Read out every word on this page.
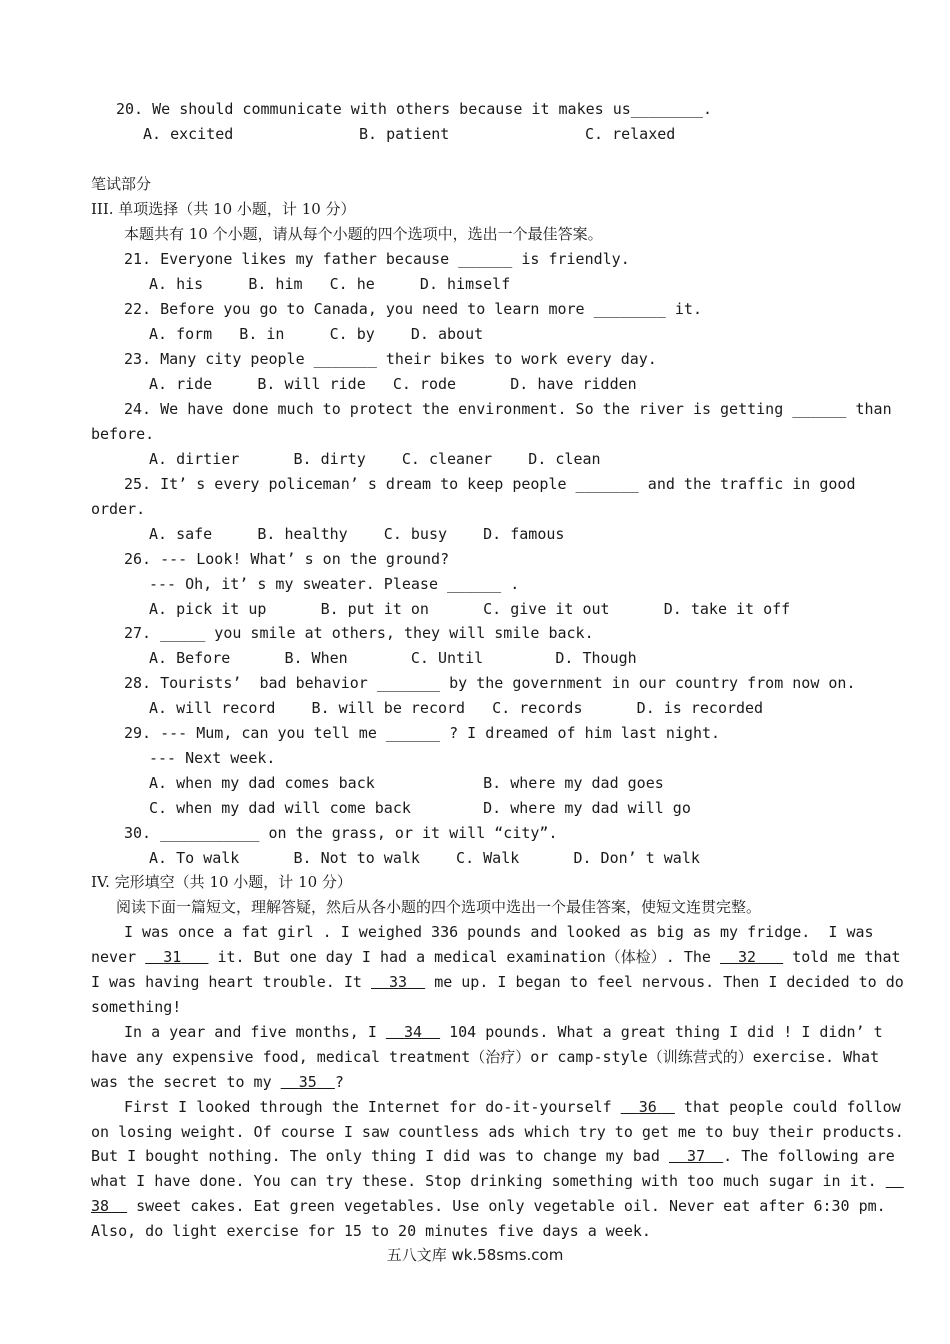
20. We should communicate with others because it makes us________.
A. excited	B. patient	C. relaxed
笔试部分
III. 单项选择（共 10 小题，计 10 分）
本题共有 10 个小题，请从每个小题的四个选项中，选出一个最佳答案。
21. Everyone likes my father because ______ is friendly.
A. his     B. him   C. he     D. himself
22. Before you go to Canada, you need to learn more ________ it.
A. form   B. in     C. by    D. about
23. Many city people _______ their bikes to work every day.
A. ride     B. will ride   C. rode      D. have ridden
24. We have done much to protect the environment. So the river is getting ______ than
before.
A. dirtier      B. dirty    C. cleaner    D. clean
25. It’ s every policeman’ s dream to keep people _______ and the traffic in good
order.
A. safe     B. healthy    C. busy    D. famous
26. --- Look! What’ s on the ground?
--- Oh, it’ s my sweater. Please ______ .
A. pick it up      B. put it on      C. give it out      D. take it off
27. _____ you smile at others, they will smile back.
A. Before      B. When       C. Until        D. Though
28. Tourists’  bad behavior _______ by the government in our country from now on.
A. will record    B. will be record   C. records      D. is recorded
29. --- Mum, can you tell me ______ ? I dreamed of him last night.
--- Next week.
A. when my dad comes back            B. where my dad goes
C. when my dad will come back        D. where my dad will go
30. ___________ on the grass, or it will “city”.
A. To walk      B. Not to walk    C. Walk      D. Don’ t walk
IV. 完形填空（共 10 小题，计 10 分）
阅读下面一篇短文，理解答疑，然后从各小题的四个选项中选出一个最佳答案，使短文连贯完整。
I was once a fat girl . I weighed 336 pounds and looked as big as my fridge.  I was
never 31 it. But one day I had a medical examination（体检）. The 32 told me that
I was having heart trouble. It 33 me up. I began to feel nervous. Then I decided to do
something!
In a year and five months, I 34 104 pounds. What a great thing I did ! I didn’ t
have any expensive food, medical treatment（治疗）or camp-style（训练营式的）exercise. What
was the secret to my 35 ?
First I looked through the Internet for do-it-yourself 36 that people could follow
on losing weight. Of course I saw countless ads which try to get me to buy their products.
But I bought nothing. The only thing I did was to change my bad 37 . The following are
what I have done. You can try these. Stop drinking something with too much sugar in it.
38 sweet cakes. Eat green vegetables. Use only vegetable oil. Never eat after 6:30 pm.
Also, do light exercise for 15 to 20 minutes five days a week.
五八文库 wk.58sms.com
